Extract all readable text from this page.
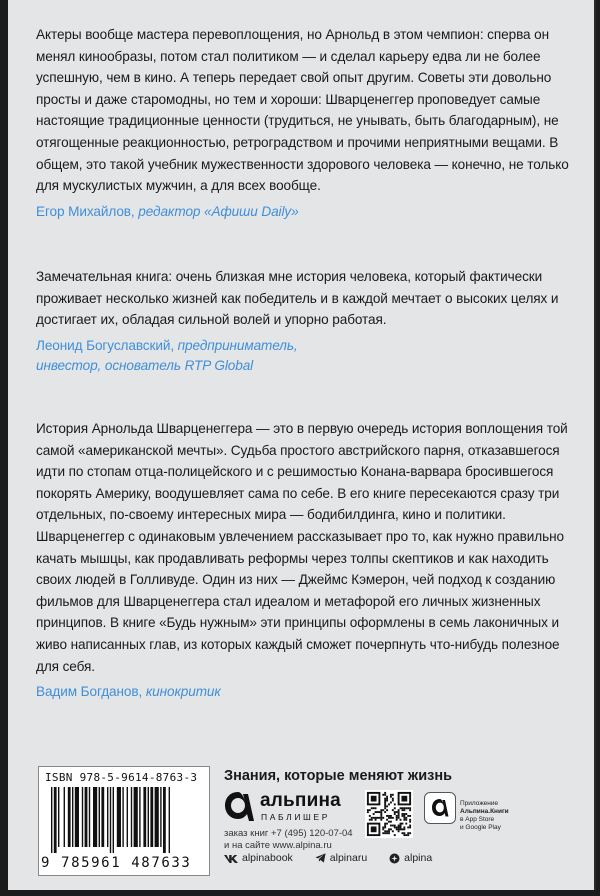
Актеры вообще мастера перевоплощения, но Арнольд в этом чемпион: сперва он менял кинообразы, потом стал политиком — и сделал карьеру едва ли не более успешную, чем в кино. А теперь передает свой опыт другим. Советы эти довольно просты и даже старомодны, но тем и хороши: Шварценеггер проповедует самые настоящие традиционные ценности (трудиться, не унывать, быть благодарным), не отягощенные реакционностью, ретроградством и прочими неприятными вещами. В общем, это такой учебник мужественности здорового человека — конечно, не только для мускулистых мужчин, а для всех вообще.

Егор Михайлов, редактор «Афиши Daily»

Замечательная книга: очень близкая мне история человека, который фактически проживает несколько жизней как победитель и в каждой мечтает о высоких целях и достигает их, обладая сильной волей и упорно работая.

Леонид Богуславский, предприниматель, инвестор, основатель RTP Global

История Арнольда Шварценеггера — это в первую очередь история воплощения той самой «американской мечты». Судьба простого австрийского парня, отказавшегося идти по стопам отца-полицейского и с решимостью Конана-варвара бросившегося покорять Америку, воодушевляет сама по себе. В его книге пересекаются сразу три отдельных, по-своему интересных мира — бодибилдинга, кино и политики. Шварценеггер с одинаковым увлечением рассказывает про то, как нужно правильно качать мышцы, как продавливать реформы через толпы скептиков и как находить своих людей в Голливуде. Один из них — Джеймс Кэмерон, чей подход к созданию фильмов для Шварценеггера стал идеалом и метафорой его личных жизненных принципов. В книге «Будь нужным» эти принципы оформлены в семь лаконичных и живо написанных глав, из которых каждый сможет почерпнуть что-нибудь полезное для себя.

Вадим Богданов, кинокритик
ISBN 978-5-9614-8763-3
9 785961 487633
Знания, которые меняют жизнь
альпина
ПАБЛИШЕР
заказ книг +7 (495) 120-07-04
и на сайте www.alpina.ru
Приложение
Альпина.Книги
в App Store
и Google Play
alpinabook	alpinaru	alpina
